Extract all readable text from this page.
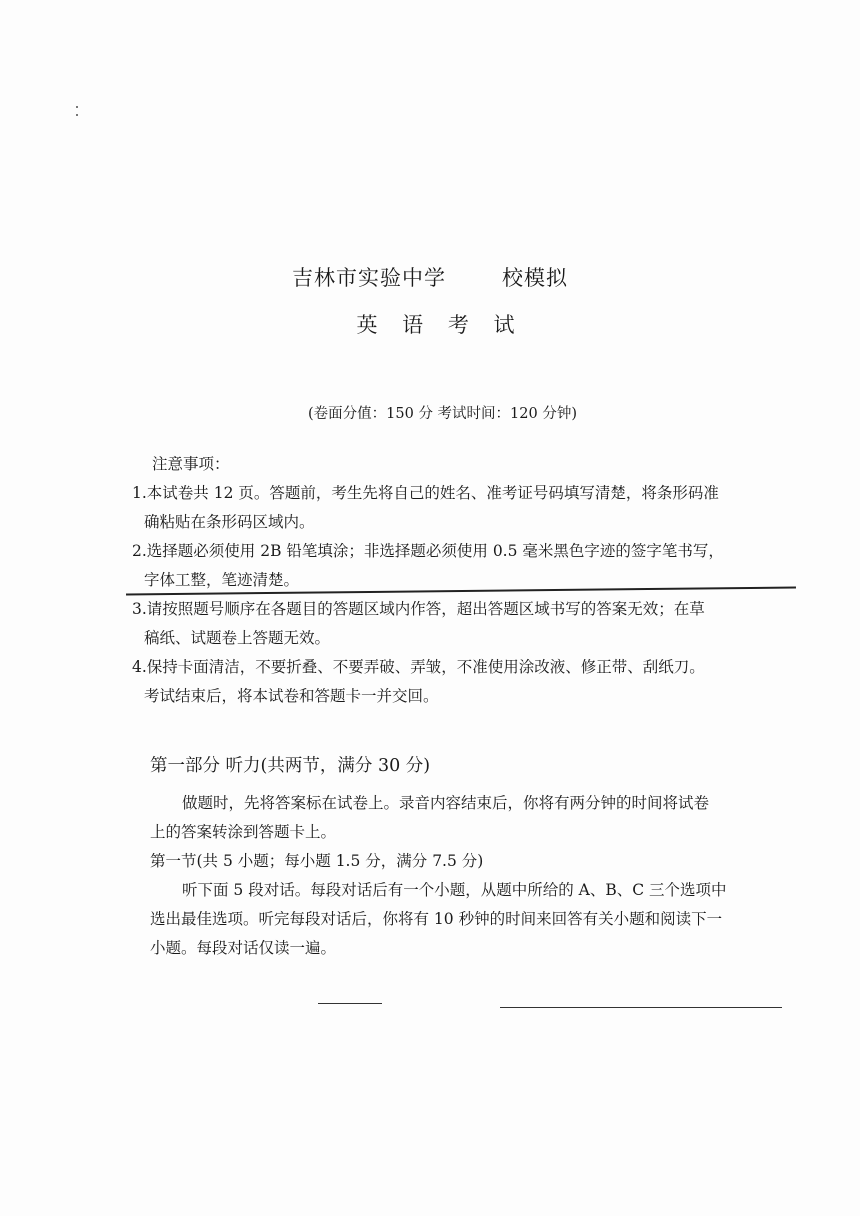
吉林市实验中学	校模拟
英 语 考 试
(卷面分值：150 分 考试时间：120 分钟)
注意事项：
1.本试卷共 12 页。答题前，考生先将自己的姓名、准考证号码填写清楚，将条形码准
确粘贴在条形码区域内。
2.选择题必须使用 2B 铅笔填涂；非选择题必须使用 0.5 毫米黑色字迹的签字笔书写，
字体工整，笔迹清楚。
3.请按照题号顺序在各题目的答题区域内作答，超出答题区域书写的答案无效；在草
稿纸、试题卷上答题无效。
4.保持卡面清洁，不要折叠、不要弄破、弄皱，不准使用涂改液、修正带、刮纸刀。
考试结束后，将本试卷和答题卡一并交回。
第一部分 听力(共两节，满分 30 分)
做题时，先将答案标在试卷上。录音内容结束后，你将有两分钟的时间将试卷
上的答案转涂到答题卡上。
第一节(共 5 小题；每小题 1.5 分，满分 7.5 分)
听下面 5 段对话。每段对话后有一个小题，从题中所给的 A、B、C 三个选项中
选出最佳选项。听完每段对话后，你将有 10 秒钟的时间来回答有关小题和阅读下一
小题。每段对话仅读一遍。
